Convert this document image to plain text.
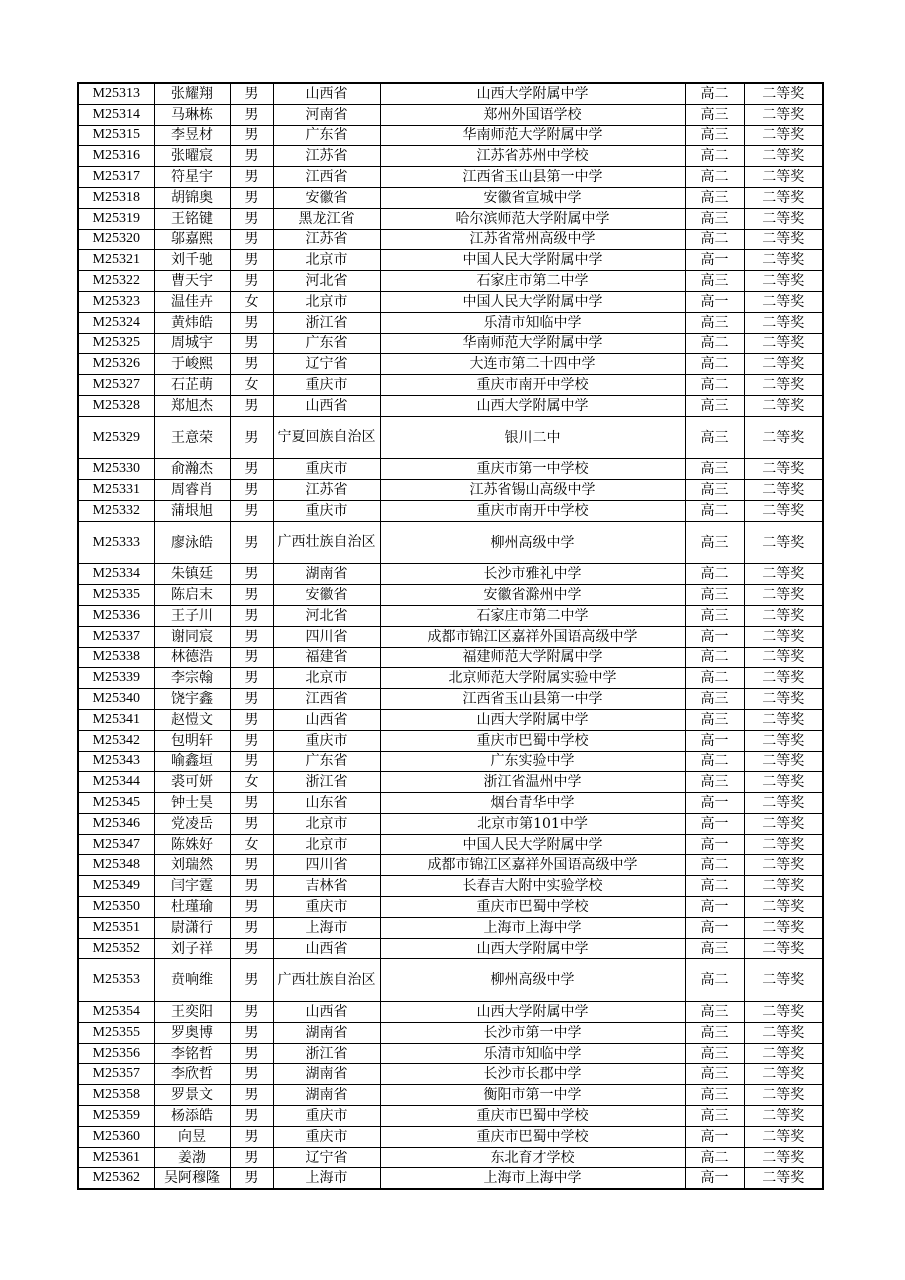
M25313	张耀翔	男	山西省	山西大学附属中学	高二	二等奖
M25314	马琳栋	男	河南省	郑州外国语学校	高三	二等奖
M25315	李昱材	男	广东省	华南师范大学附属中学	高三	二等奖
M25316	张曜宸	男	江苏省	江苏省苏州中学校	高二	二等奖
M25317	符星宇	男	江西省	江西省玉山县第一中学	高二	二等奖
M25318	胡锦奥	男	安徽省	安徽省宣城中学	高三	二等奖
M25319	王铭键	男	黑龙江省	哈尔滨师范大学附属中学	高三	二等奖
M25320	邬嘉熙	男	江苏省	江苏省常州高级中学	高二	二等奖
M25321	刘千驰	男	北京市	中国人民大学附属中学	高一	二等奖
M25322	曹天宇	男	河北省	石家庄市第二中学	高三	二等奖
M25323	温佳卉	女	北京市	中国人民大学附属中学	高一	二等奖
M25324	黄炜皓	男	浙江省	乐清市知临中学	高三	二等奖
M25325	周城宇	男	广东省	华南师范大学附属中学	高二	二等奖
M25326	于峻熙	男	辽宁省	大连市第二十四中学	高二	二等奖
M25327	石芷萌	女	重庆市	重庆市南开中学校	高二	二等奖
M25328	郑旭杰	男	山西省	山西大学附属中学	高三	二等奖
M25329	王意荣	男	宁夏回族自治区	银川二中	高三	二等奖
M25330	俞瀚杰	男	重庆市	重庆市第一中学校	高三	二等奖
M25331	周睿肖	男	江苏省	江苏省锡山高级中学	高三	二等奖
M25332	蒲垠旭	男	重庆市	重庆市南开中学校	高二	二等奖
M25333	廖泳皓	男	广西壮族自治区	柳州高级中学	高三	二等奖
M25334	朱镇廷	男	湖南省	长沙市雅礼中学	高二	二等奖
M25335	陈启末	男	安徽省	安徽省滁州中学	高三	二等奖
M25336	王子川	男	河北省	石家庄市第二中学	高三	二等奖
M25337	谢同宸	男	四川省	成都市锦江区嘉祥外国语高级中学	高一	二等奖
M25338	林德浩	男	福建省	福建师范大学附属中学	高二	二等奖
M25339	李宗翰	男	北京市	北京师范大学附属实验中学	高二	二等奖
M25340	饶宇鑫	男	江西省	江西省玉山县第一中学	高三	二等奖
M25341	赵愷文	男	山西省	山西大学附属中学	高三	二等奖
M25342	包明轩	男	重庆市	重庆市巴蜀中学校	高一	二等奖
M25343	喻鑫垣	男	广东省	广东实验中学	高二	二等奖
M25344	裘可妍	女	浙江省	浙江省温州中学	高三	二等奖
M25345	钟士昊	男	山东省	烟台青华中学	高一	二等奖
M25346	党凌岳	男	北京市	北京市第101中学	高一	二等奖
M25347	陈姝好	女	北京市	中国人民大学附属中学	高一	二等奖
M25348	刘瑞然	男	四川省	成都市锦江区嘉祥外国语高级中学	高二	二等奖
M25349	闫宇霆	男	吉林省	长春吉大附中实验学校	高二	二等奖
M25350	杜瑾瑜	男	重庆市	重庆市巴蜀中学校	高一	二等奖
M25351	尉潇行	男	上海市	上海市上海中学	高一	二等奖
M25352	刘子祥	男	山西省	山西大学附属中学	高三	二等奖
M25353	贲响维	男	广西壮族自治区	柳州高级中学	高二	二等奖
M25354	王奕阳	男	山西省	山西大学附属中学	高三	二等奖
M25355	罗奥博	男	湖南省	长沙市第一中学	高三	二等奖
M25356	李铭哲	男	浙江省	乐清市知临中学	高三	二等奖
M25357	李欣哲	男	湖南省	长沙市长郡中学	高三	二等奖
M25358	罗景文	男	湖南省	衡阳市第一中学	高三	二等奖
M25359	杨添皓	男	重庆市	重庆市巴蜀中学校	高三	二等奖
M25360	向昱	男	重庆市	重庆市巴蜀中学校	高一	二等奖
M25361	姜渤	男	辽宁省	东北育才学校	高二	二等奖
M25362	吴阿穆隆	男	上海市	上海市上海中学	高一	二等奖
